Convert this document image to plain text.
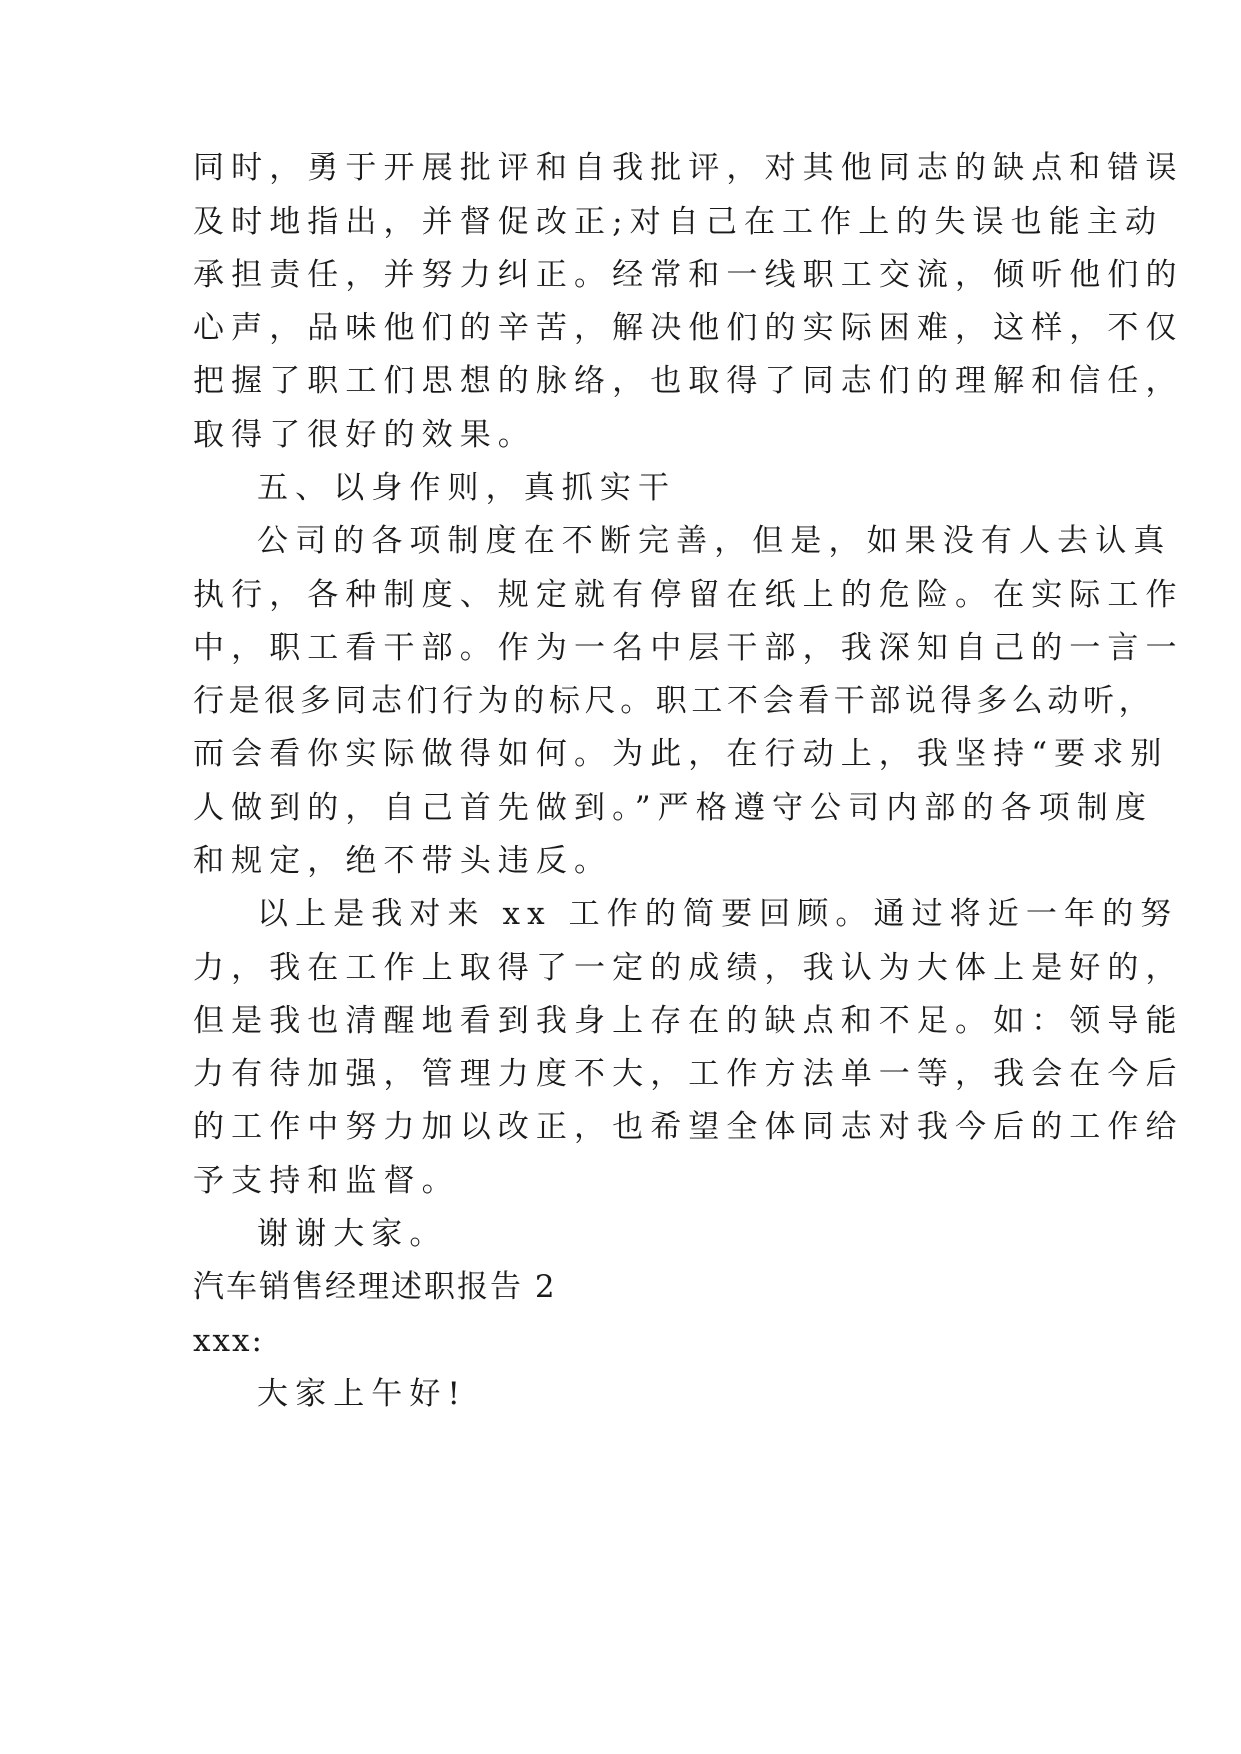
同时，勇于开展批评和自我批评，对其他同志的缺点和错误
及时地指出，并督促改正;对自己在工作上的失误也能主动
承担责任，并努力纠正。经常和一线职工交流，倾听他们的
心声，品味他们的辛苦，解决他们的实际困难，这样，不仅
把握了职工们思想的脉络，也取得了同志们的理解和信任，
取得了很好的效果。
五、以身作则，真抓实干
公司的各项制度在不断完善，但是，如果没有人去认真
执行，各种制度、规定就有停留在纸上的危险。在实际工作
中，职工看干部。作为一名中层干部，我深知自己的一言一
行是很多同志们行为的标尺。职工不会看干部说得多么动听，
而会看你实际做得如何。为此，在行动上，我坚持“要求别
人做到的，自己首先做到。”严格遵守公司内部的各项制度
和规定，绝不带头违反。
以上是我对来 xx 工作的简要回顾。通过将近一年的努
力，我在工作上取得了一定的成绩，我认为大体上是好的，
但是我也清醒地看到我身上存在的缺点和不足。如：领导能
力有待加强，管理力度不大，工作方法单一等，我会在今后
的工作中努力加以改正，也希望全体同志对我今后的工作给
予支持和监督。
谢谢大家。
汽车销售经理述职报告 2
xxx:
大家上午好!
